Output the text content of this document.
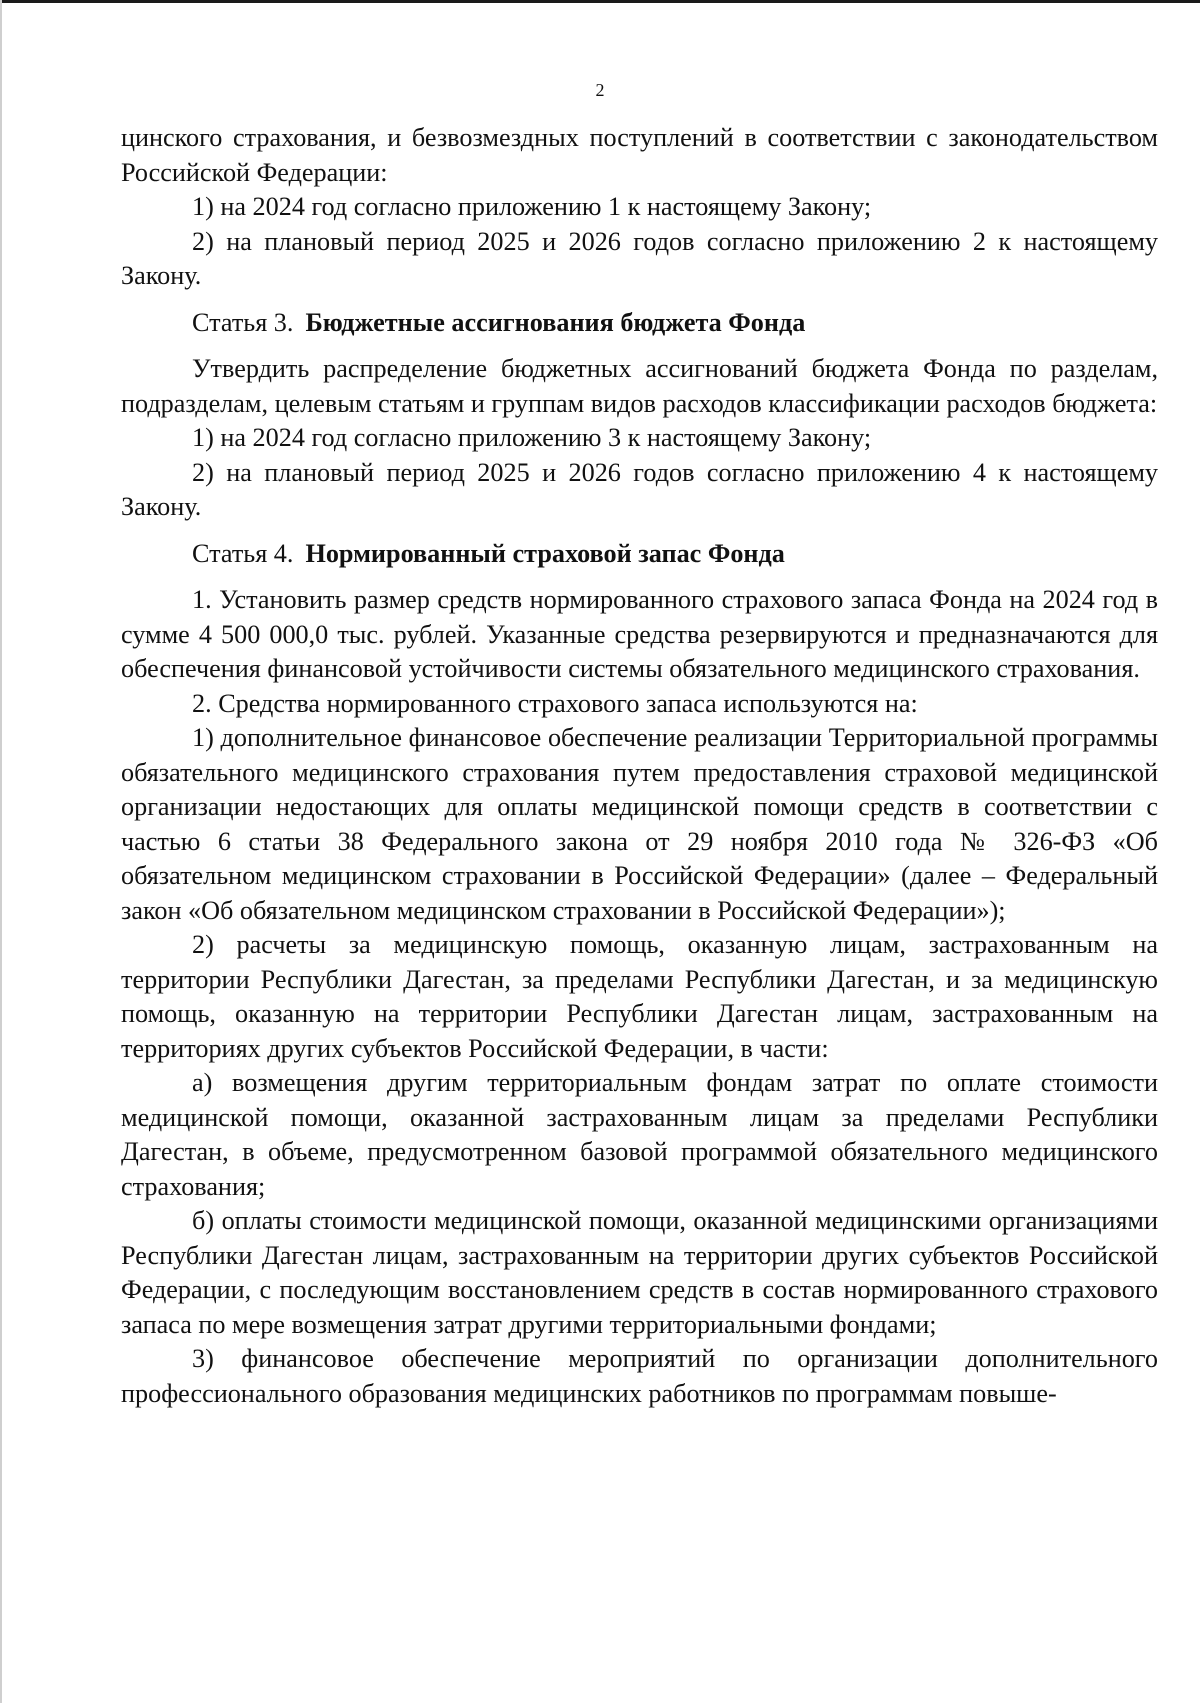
2

цинского страхования, и безвозмездных поступлений в соответствии с законодательством Российской Федерации:

1) на 2024 год согласно приложению 1 к настоящему Закону;

2) на плановый период 2025 и 2026 годов согласно приложению 2 к настоящему Закону.

Статья 3. Бюджетные ассигнования бюджета Фонда

Утвердить распределение бюджетных ассигнований бюджета Фонда по разделам, подразделам, целевым статьям и группам видов расходов классификации расходов бюджета:

1) на 2024 год согласно приложению 3 к настоящему Закону;

2) на плановый период 2025 и 2026 годов согласно приложению 4 к настоящему Закону.

Статья 4. Нормированный страховой запас Фонда

1. Установить размер средств нормированного страхового запаса Фонда на 2024 год в сумме 4 500 000,0 тыс. рублей. Указанные средства резервируются и предназначаются для обеспечения финансовой устойчивости системы обязательного медицинского страхования.

2. Средства нормированного страхового запаса используются на:

1) дополнительное финансовое обеспечение реализации Территориальной программы обязательного медицинского страхования путем предоставления страховой медицинской организации недостающих для оплаты медицинской помощи средств в соответствии с частью 6 статьи 38 Федерального закона от 29 ноября 2010 года № 326-ФЗ «Об обязательном медицинском страховании в Российской Федерации» (далее – Федеральный закон «Об обязательном медицинском страховании в Российской Федерации»);

2) расчеты за медицинскую помощь, оказанную лицам, застрахованным на территории Республики Дагестан, за пределами Республики Дагестан, и за медицинскую помощь, оказанную на территории Республики Дагестан лицам, застрахованным на территориях других субъектов Российской Федерации, в части:

а) возмещения другим территориальным фондам затрат по оплате стоимости медицинской помощи, оказанной застрахованным лицам за пределами Республики Дагестан, в объеме, предусмотренном базовой программой обязательного медицинского страхования;

б) оплаты стоимости медицинской помощи, оказанной медицинскими организациями Республики Дагестан лицам, застрахованным на территории других субъектов Российской Федерации, с последующим восстановлением средств в состав нормированного страхового запаса по мере возмещения затрат другими территориальными фондами;

3) финансовое обеспечение мероприятий по организации дополнительного профессионального образования медицинских работников по программам повыше-
